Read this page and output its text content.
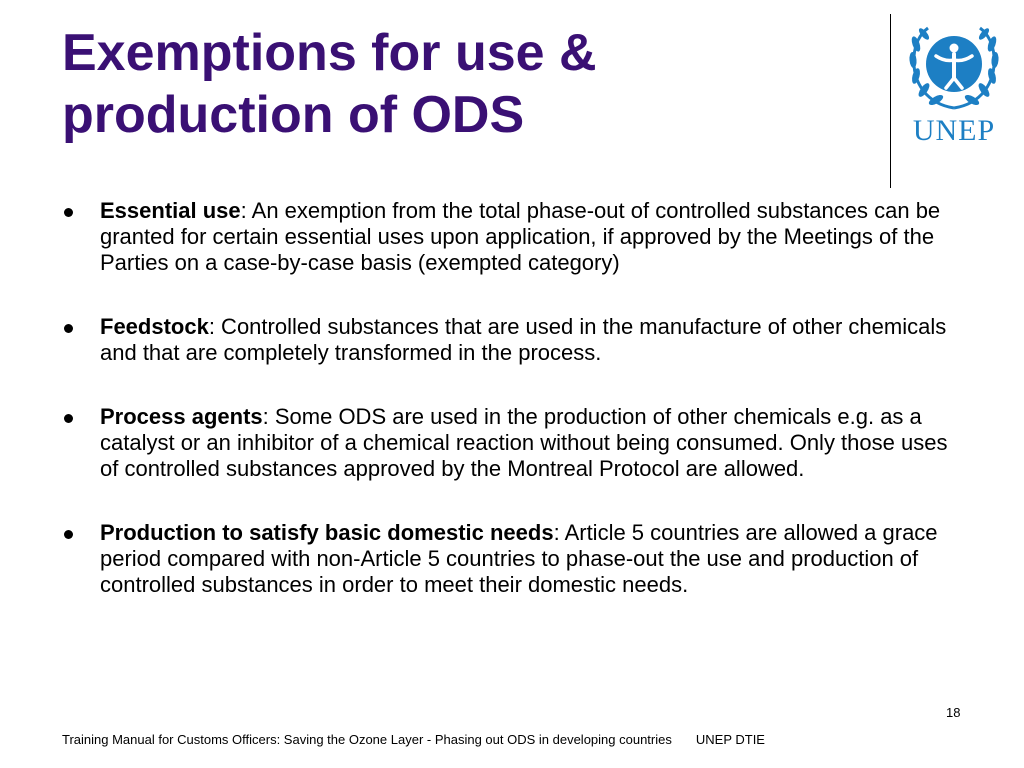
Exemptions for use &
production of ODS	UNEP
Essential use: An exemption from the total phase-out of controlled substances can be granted for certain essential uses upon application, if approved by the Meetings of the Parties on a case-by-case basis (exempted category)
Feedstock: Controlled substances that are used in the manufacture of other chemicals and that are completely transformed in the process.
Process agents: Some ODS are used in the production of other chemicals e.g. as a catalyst or an inhibitor of a chemical reaction without being consumed. Only those uses of controlled substances approved by the Montreal Protocol are allowed.
Production to satisfy basic domestic needs: Article 5 countries are allowed a grace period compared with non-Article 5 countries to phase-out the use and production of controlled substances in order to meet their domestic needs.
18
Training Manual for Customs Officers: Saving the Ozone Layer - Phasing out ODS in developing countries UNEP DTIE
